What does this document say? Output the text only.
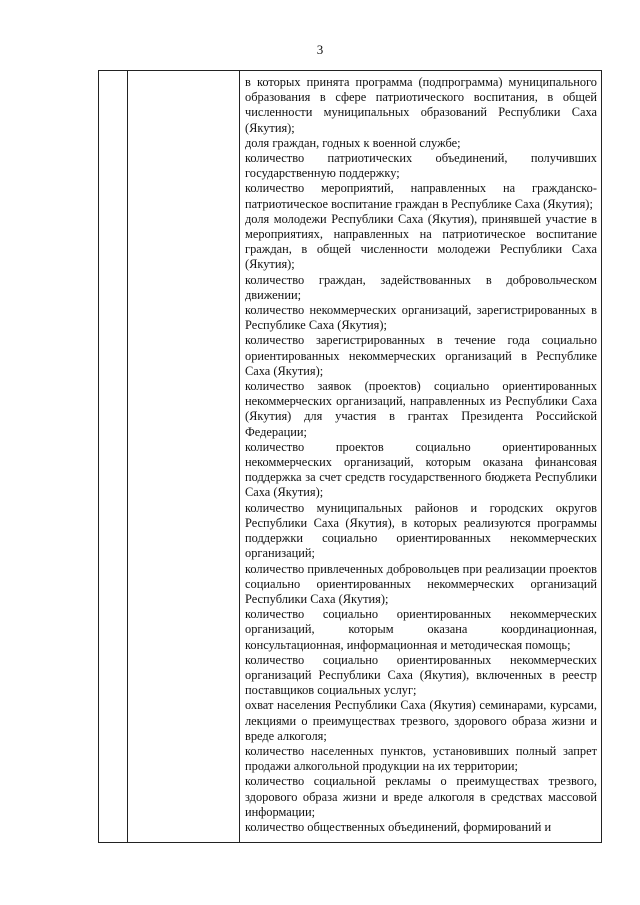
3

в которых принята программа (подпрограмма) муниципального образования в сфере патриотического воспитания, в общей численности муниципальных образований Республики Саха (Якутия);

доля граждан, годных к военной службе;

количество патриотических объединений, получивших государственную поддержку;

количество мероприятий, направленных на гражданско-патриотическое воспитание граждан в Республике Саха (Якутия);

доля молодежи Республики Саха (Якутия), принявшей участие в мероприятиях, направленных на патриотическое воспитание граждан, в общей численности молодежи Республики Саха (Якутия);

количество граждан, задействованных в добровольческом движении;

количество некоммерческих организаций, зарегистрированных в Республике Саха (Якутия);

количество зарегистрированных в течение года социально ориентированных некоммерческих организаций в Республике Саха (Якутия);

количество заявок (проектов) социально ориентированных некоммерческих организаций, направленных из Республики Саха (Якутия) для участия в грантах Президента Российской Федерации;

количество проектов социально ориентированных некоммерческих организаций, которым оказана финансовая поддержка за счет средств государственного бюджета Республики Саха (Якутия);

количество муниципальных районов и городских округов Республики Саха (Якутия), в которых реализуются программы поддержки социально ориентированных некоммерческих организаций;

количество привлеченных добровольцев при реализации проектов социально ориентированных некоммерческих организаций Республики Саха (Якутия);

количество социально ориентированных некоммерческих организаций, которым оказана координационная, консультационная, информационная и методическая помощь;

количество социально ориентированных некоммерческих организаций Республики Саха (Якутия), включенных в реестр поставщиков социальных услуг;

охват населения Республики Саха (Якутия) семинарами, курсами, лекциями о преимуществах трезвого, здорового образа жизни и вреде алкоголя;

количество населенных пунктов, установивших полный запрет продажи алкогольной продукции на их территории;

количество социальной рекламы о преимуществах трезвого, здорового образа жизни и вреде алкоголя в средствах массовой информации;

количество общественных объединений, формирований и
